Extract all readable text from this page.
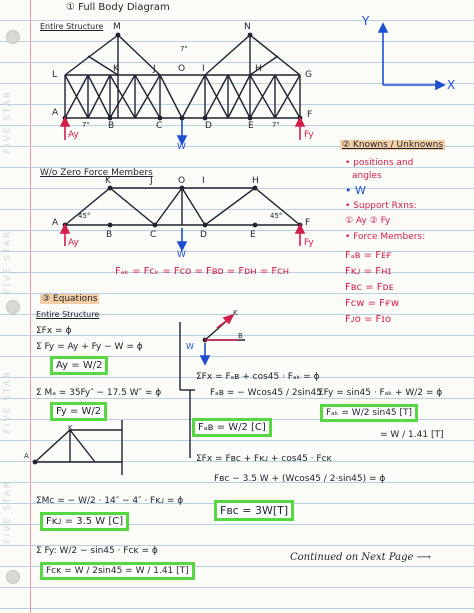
FIVE STAR
FIVE STAR
FIVE STAR
FIVE STAR
① Full Body Diagram
Entire Structure M	N
L
K	J O I	H
G
A
B	C	D	E
F
Ay	Fy
W
7"
7"
7"
Y
X
W/o Zero Force Members
K	J	O I	H
B	C	D	E
A	F
45°	45°
Ay	Fy
W
Fₐₖ = Fᴄₖ = Fᴄᴏ = Fʙᴅ = Fᴅʜ = Fᴄʜ
② Knowns / Unknowns
• positions and
angles
• W
• Support Rxns:
① Ay ② Fy
• Force Members:
Fₐʙ = Fᴇғ
Fᴋᴊ = Fʜɪ
Fʙᴄ = Fᴅᴇ
Fᴄᴡ = Fғᴡ
Fᴊᴏ = Fɪᴏ
③ Equations
Entire Structure
ΣFx = ϕ
Σ Fy = Ay + Fy − W = ϕ
Ay = W/2
Σ Mₐ = 35Fy″ − 17.5 W″ = ϕ
Fy = W/2
K
A
ΣMᴄ = − W/2 · 14″ − 4″ · Fᴋᴊ = ϕ
Fᴋᴊ = 3.5 W [C]
Σ Fy: W/2 − sin45 · Fᴄᴋ = ϕ
Fᴄᴋ = W / 2sin45 = W / 1.41 [T]
K
B
W
ΣFx = Fₐʙ + cos45 · Fₐₖ = ϕ
Fₐʙ = − Wcos45 / 2sin45
Fₐʙ = W/2 [C]
ΣFy = sin45 · Fₐₖ + W/2 = ϕ
Fₐₖ = W/2 sin45 [T]
= W / 1.41 [T]
ΣFx = Fʙᴄ + Fᴋᴊ + cos45 · Fᴄᴋ
Fʙᴄ − 3.5 W + (Wcos45 / 2·sin45) = ϕ
Fʙᴄ = 3W[T]
Continued on Next Page ⟶
